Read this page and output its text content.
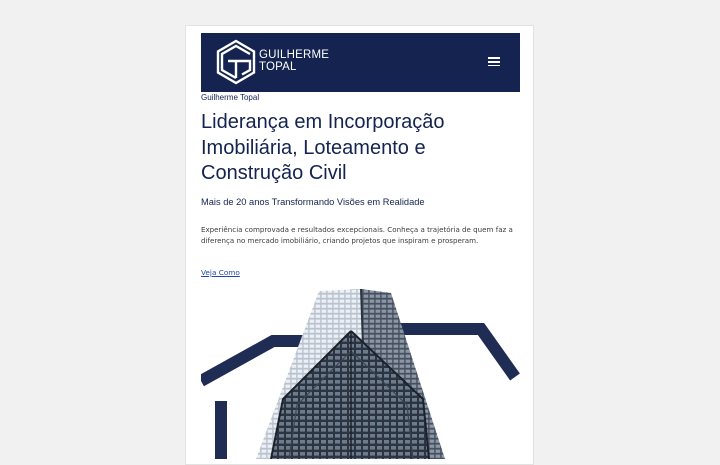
GUILHERME
TOPAL
Guilherme Topal
Liderança em Incorporação Imobiliária, Loteamento e Construção Civil
Mais de 20 anos Transformando Visões em Realidade

Experiência comprovada e resultados excepcionais. Conheça a trajetória de quem faz a diferença no mercado imobiliário, criando projetos que inspiram e prosperam.

Veja Como
